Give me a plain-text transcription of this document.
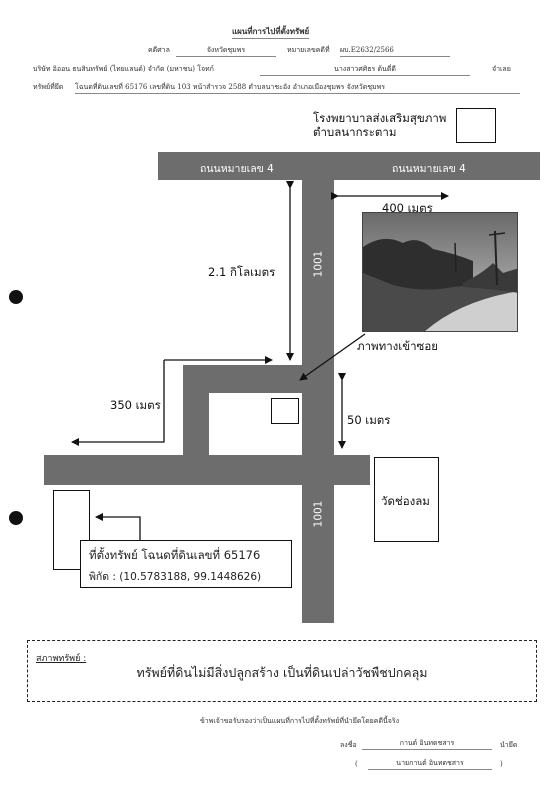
แผนที่การไปที่ตั้งทรัพย์
คดีศาล	จังหวัดชุมพร	หมายเลขคดีที่ ผบ.E2632/2566
บริษัท อิออน ธนสินทรัพย์ (ไทยแลนด์) จำกัด (มหาชน) โจทก์	นางสาวศศิธร ต้นดี่ดี	จำเลย
ทรัพย์ที่ยึด โฉนดที่ดินเลขที่ 65176 เลขที่ดิน 103 หน้าสำรวจ 2588 ตำบลนาชะอัง อำเภอเมืองชุมพร จังหวัดชุมพร
โรงพยาบาลส่งเสริมสุขภาพ
ตำบลนากระตาม
ถนนหมายเลข 4	ถนนหมายเลข 4
1001
1001
ภาพทางเข้าซอย
400 เมตร
2.1 กิโลเมตร
350 เมตร
50 เมตร
วัดช่องลม
ที่ตั้งทรัพย์ โฉนดที่ดินเลขที่ 65176
พิกัด : (10.5783188, 99.1448626)
สภาพทรัพย์ :
ทรัพย์ที่ดินไม่มีสิ่งปลูกสร้าง เป็นที่ดินเปล่าวัชพืชปกคลุม
ข้าพเจ้าขอรับรองว่าเป็นแผนที่การไปที่ตั้งทรัพย์ที่นำยึดโดยคดีนี้จริง
ลงชื่อ	กานต์ อินทดชสาร	นำยึด
(	นายกานต์ อินทดชสาร	)
